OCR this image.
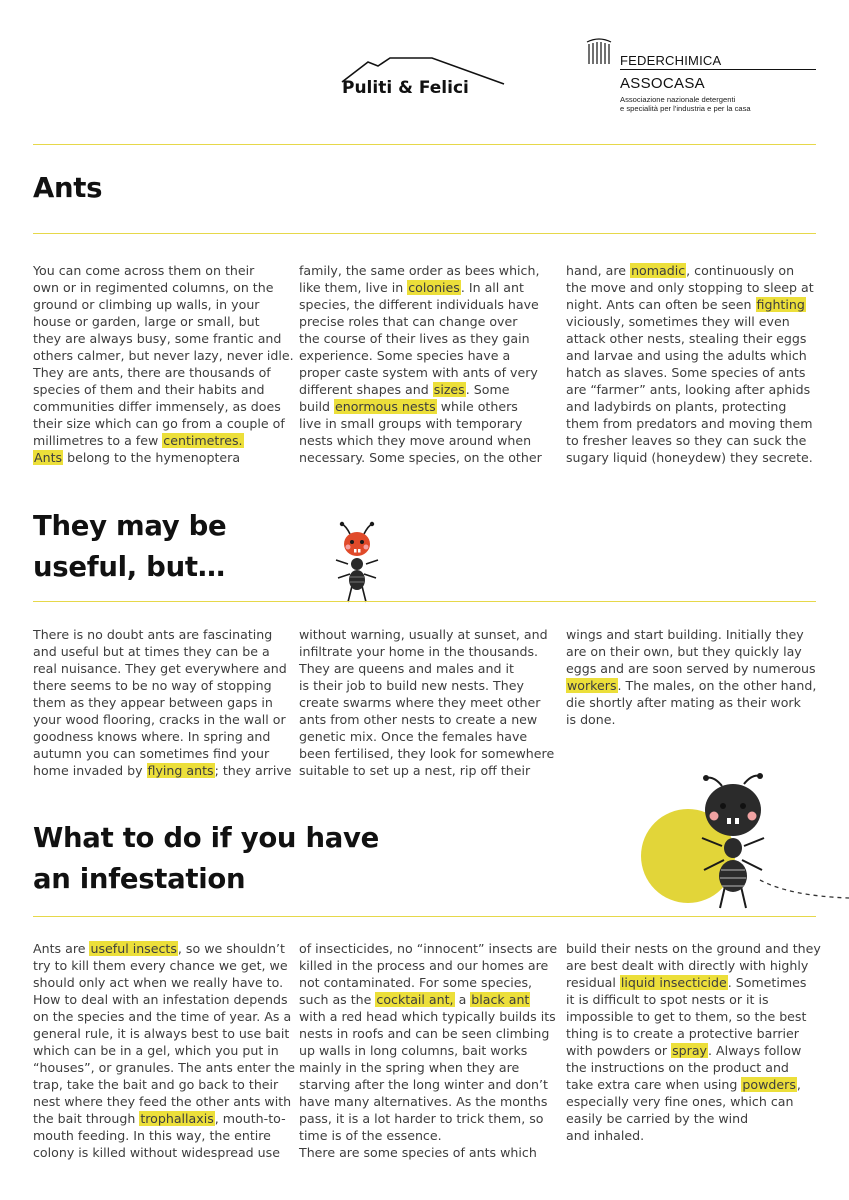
Puliti & Felici
FEDERCHIMICA
ASSOCASA
Associazione nazionale detergenti
e specialità per l'industria e per la casa
Ants

You can come across them on their
own or in regimented columns, on the
ground or climbing up walls, in your
house or garden, large or small, but
they are always busy, some frantic and
others calmer, but never lazy, never idle.
They are ants, there are thousands of
species of them and their habits and
communities differ immensely, as does
their size which can go from a couple of
millimetres to a few centimetres.
Ants belong to the hymenoptera

family, the same order as bees which,
like them, live in colonies. In all ant
species, the different individuals have
precise roles that can change over
the course of their lives as they gain
experience. Some species have a
proper caste system with ants of very
different shapes and sizes. Some
build enormous nests while others
live in small groups with temporary
nests which they move around when
necessary. Some species, on the other

hand, are nomadic, continuously on
the move and only stopping to sleep at
night. Ants can often be seen fighting
viciously, sometimes they will even
attack other nests, stealing their eggs
and larvae and using the adults which
hatch as slaves. Some species of ants
are “farmer” ants, looking after aphids
and ladybirds on plants, protecting
them from predators and moving them
to fresher leaves so they can suck the
sugary liquid (honeydew) they secrete.

They may be
useful, but…

There is no doubt ants are fascinating
and useful but at times they can be a
real nuisance. They get everywhere and
there seems to be no way of stopping
them as they appear between gaps in
your wood flooring, cracks in the wall or
goodness knows where. In spring and
autumn you can sometimes find your
home invaded by flying ants; they arrive

without warning, usually at sunset, and
infiltrate your home in the thousands.
They are queens and males and it
is their job to build new nests. They
create swarms where they meet other
ants from other nests to create a new
genetic mix. Once the females have
been fertilised, they look for somewhere
suitable to set up a nest, rip off their

wings and start building. Initially they
are on their own, but they quickly lay
eggs and are soon served by numerous
workers. The males, on the other hand,
die shortly after mating as their work
is done.

What to do if you have
an infestation

Ants are useful insects, so we shouldn’t
try to kill them every chance we get, we
should only act when we really have to.
How to deal with an infestation depends
on the species and the time of year. As a
general rule, it is always best to use bait
which can be in a gel, which you put in
“houses”, or granules. The ants enter the
trap, take the bait and go back to their
nest where they feed the other ants with
the bait through trophallaxis, mouth-to-
mouth feeding. In this way, the entire
colony is killed without widespread use

of insecticides, no “innocent” insects are
killed in the process and our homes are
not contaminated. For some species,
such as the cocktail ant, a black ant
with a red head which typically builds its
nests in roofs and can be seen climbing
up walls in long columns, bait works
mainly in the spring when they are
starving after the long winter and don’t
have many alternatives. As the months
pass, it is a lot harder to trick them, so
time is of the essence.
There are some species of ants which

build their nests on the ground and they
are best dealt with directly with highly
residual liquid insecticide. Sometimes
it is difficult to spot nests or it is
impossible to get to them, so the best
thing is to create a protective barrier
with powders or spray. Always follow
the instructions on the product and
take extra care when using powders,
especially very fine ones, which can
easily be carried by the wind
and inhaled.
